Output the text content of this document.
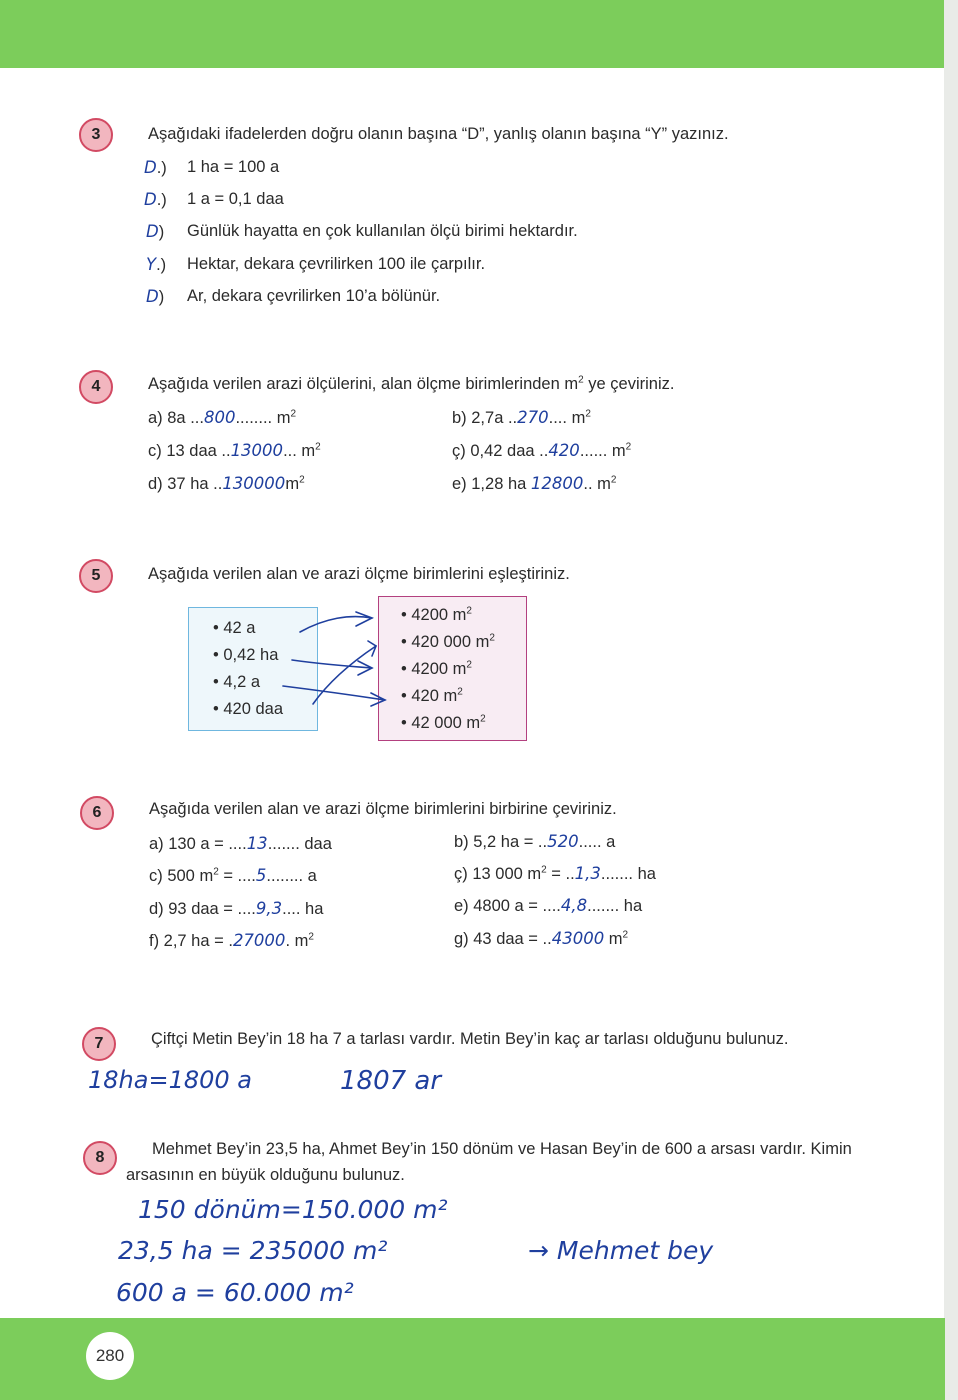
3	Aşağıdaki ifadelerden doğru olanın başına “D”, yanlış olanın başına “Y” yazınız.
D.) 1 ha = 100 a
D.) 1 a = 0,1 daa
D) Günlük hayatta en çok kullanılan ölçü birimi hektardır.
Y.) Hektar, dekara çevrilirken 100 ile çarpılır.
D) Ar, dekara çevrilirken 10’a bölünür.
4	Aşağıda verilen arazi ölçülerini, alan ölçme birimlerinden $m^2$ ye çeviriniz.
a) 8a ...800........ $m^2$	b) 2,7a ..270.... $m^2$
c) 13 daa ..13000... $m^2$	ç) 0,42 daa ..420...... $m^2$
d) 37 ha $..130000m^2$	e) 1,28 ha 12800.. $m^2$
5	Aşağıda verilen alan ve arazi ölçme birimlerini eşleştiriniz.
• 42 a
• 0,42 ha
• 4,2 a
• 420 daa
• 4200 $m^2$
• 420 000 $m^2$
• 4200 $m^2$
• 420 $m^2$
• 42 000 $m^2$
6	Aşağıda verilen alan ve arazi ölçme birimlerini birbirine çeviriniz.
a) 130 a = ....13....... daa	b) 5,2 ha = ..520..... a
c) 500 $m^2 = ....5$........ a	ç) 13 000 $m^2 = ..1,3$....... ha
d) 93 daa = ....9,3.... ha	e) 4800 a = ....4,8....... ha
f) 2,7 ha = .27000. $m^2$	g) 43 daa = ..43000 $m^2$
7	Çiftçi Metin Bey’in 18 ha 7 a tarlası vardır. Metin Bey’in kaç ar tarlası olduğunu bulunuz.
18ha=1800 a	1807 ar
8	Mehmet Bey’in 23,5 ha, Ahmet Bey’in 150 dönüm ve Hasan Bey’in de 600 a arsası vardır. Kimin
arsasının en büyük olduğunu bulunuz.
150 dönüm=150.000 m²
23,5 ha = 235000 m²	→ Mehmet bey
600 a = 60.000 m²
280
